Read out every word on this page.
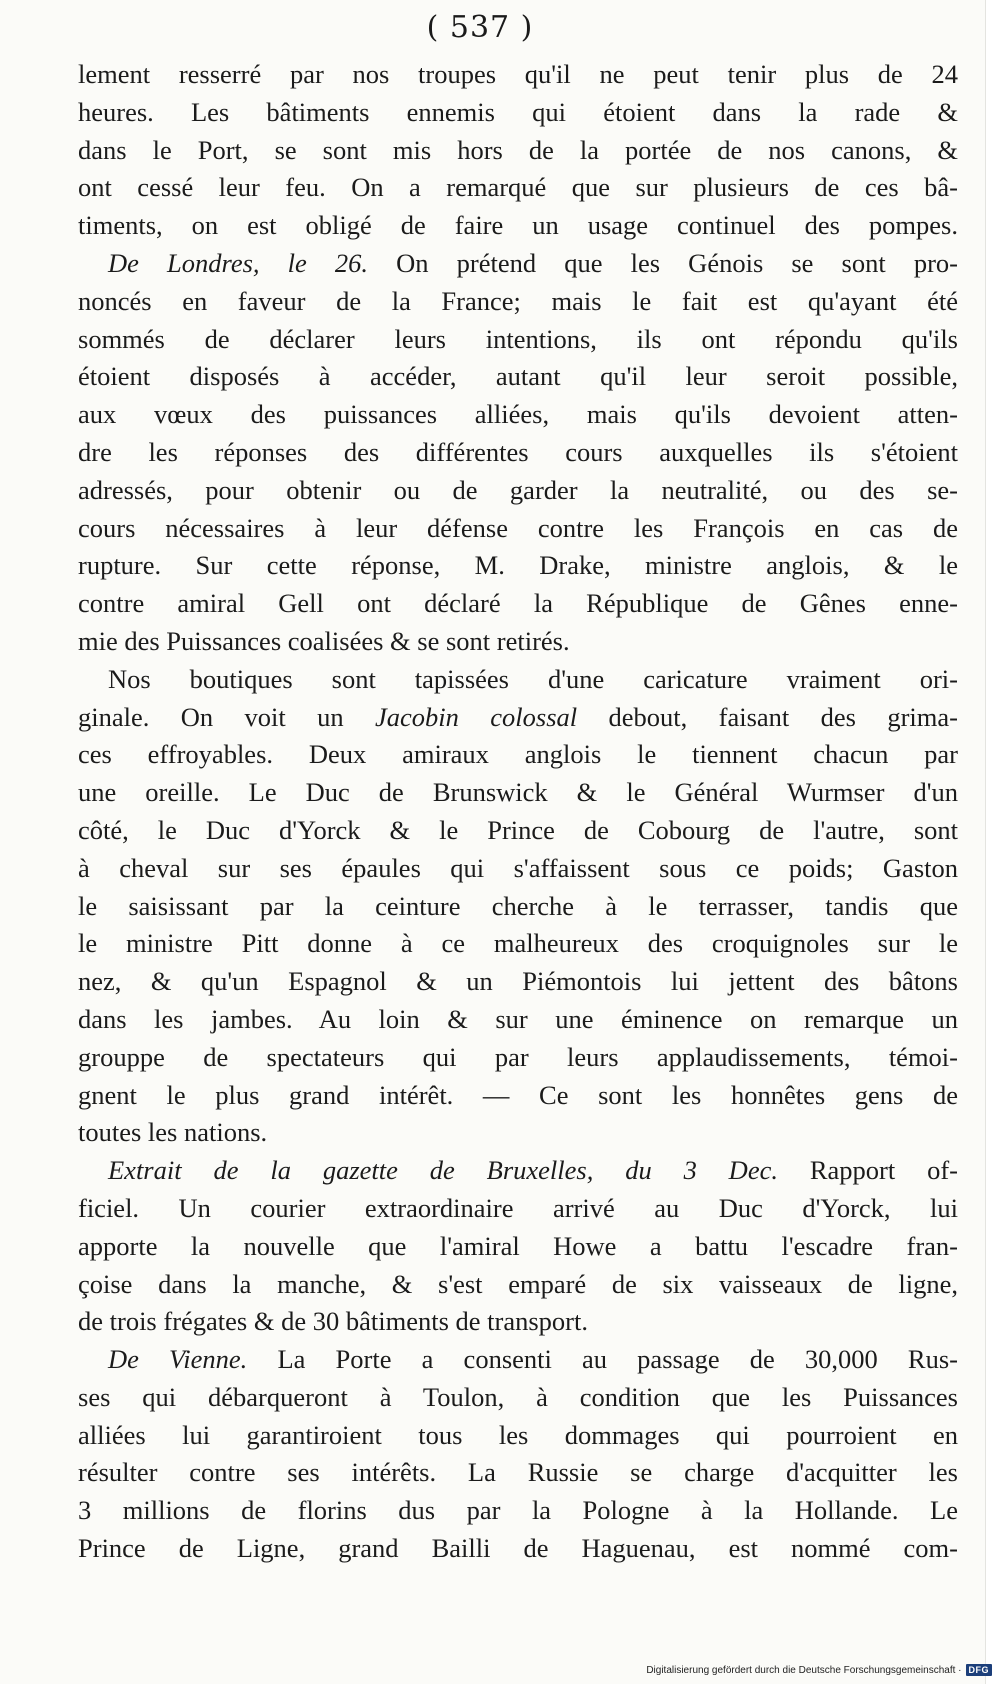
( 537 )
lement resserré par nos troupes qu'il ne peut tenir plus de 24
heures. Les bâtiments ennemis qui étoient dans la rade &
dans le Port, se sont mis hors de la portée de nos canons, &
ont cessé leur feu. On a remarqué que sur plusieurs de ces bâ-
timents, on est obligé de faire un usage continuel des pompes.
De Londres, le 26. On prétend que les Génois se sont pro-
noncés en faveur de la France; mais le fait est qu'ayant été
sommés de déclarer leurs intentions, ils ont répondu qu'ils
étoient disposés à accéder, autant qu'il leur seroit possible,
aux vœux des puissances alliées, mais qu'ils devoient atten-
dre les réponses des différentes cours auxquelles ils s'étoient
adressés, pour obtenir ou de garder la neutralité, ou des se-
cours nécessaires à leur défense contre les François en cas de
rupture. Sur cette réponse, M. Drake, ministre anglois, & le
contre amiral Gell ont déclaré la République de Gênes enne-
mie des Puissances coalisées & se sont retirés.
Nos boutiques sont tapissées d'une caricature vraiment ori-
ginale. On voit un Jacobin colossal debout, faisant des grima-
ces effroyables. Deux amiraux anglois le tiennent chacun par
une oreille. Le Duc de Brunswick & le Général Wurmser d'un
côté, le Duc d'Yorck & le Prince de Cobourg de l'autre, sont
à cheval sur ses épaules qui s'affaissent sous ce poids; Gaston
le saisissant par la ceinture cherche à le terrasser, tandis que
le ministre Pitt donne à ce malheureux des croquignoles sur le
nez, & qu'un Espagnol & un Piémontois lui jettent des bâtons
dans les jambes. Au loin & sur une éminence on remarque un
grouppe de spectateurs qui par leurs applaudissements, témoi-
gnent le plus grand intérêt. — Ce sont les honnêtes gens de
toutes les nations.
Extrait de la gazette de Bruxelles, du 3 Dec. Rapport of-
ficiel. Un courier extraordinaire arrivé au Duc d'Yorck, lui
apporte la nouvelle que l'amiral Howe a battu l'escadre fran-
çoise dans la manche, & s'est emparé de six vaisseaux de ligne,
de trois frégates & de 30 bâtiments de transport.
De Vienne. La Porte a consenti au passage de 30,000 Rus-
ses qui débarqueront à Toulon, à condition que les Puissances
alliées lui garantiroient tous les dommages qui pourroient en
résulter contre ses intérêts. La Russie se charge d'acquitter les
3 millions de florins dus par la Pologne à la Hollande. Le
Prince de Ligne, grand Bailli de Haguenau, est nommé com-
Digitalisierung gefördert durch die Deutsche Forschungsgemeinschaft · DFG
